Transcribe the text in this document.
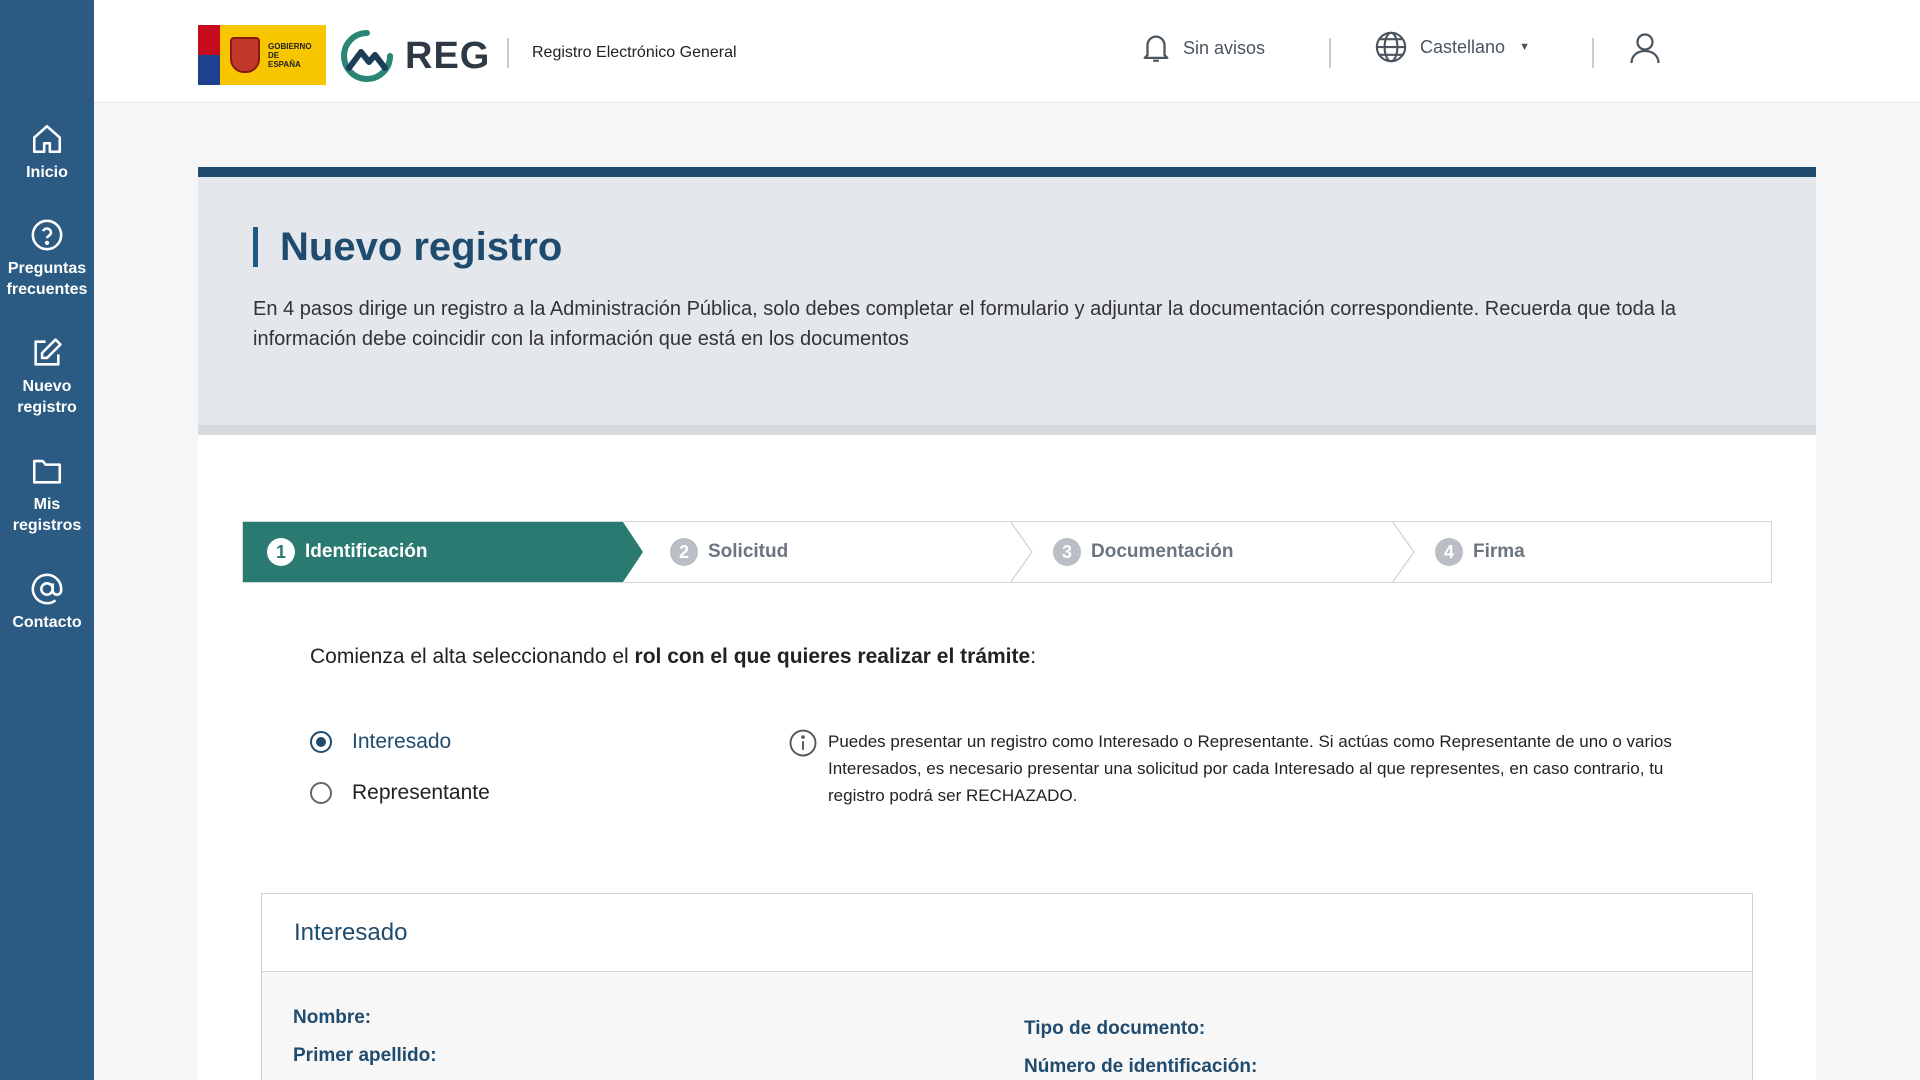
Inicio
Preguntas frecuentes
Nuevo registro
Mis registros
Contacto
GOBIERNO DE ESPAÑA	REG	Registro Electrónico General	Sin avisos	Castellano ▼
Nuevo registro

En 4 pasos dirige un registro a la Administración Pública, solo debes completar el formulario y adjuntar la documentación correspondiente. Recuerda que toda la información debe coincidir con la información que está en los documentos

1	Identificación	2	Solicitud	3	Documentación	4	Firma

Comienza el alta seleccionando el rol con el que quieres realizar el trámite:

Interesado
Representante

Puedes presentar un registro como Interesado o Representante. Si actúas como Representante de uno o varios Interesados, es necesario presentar una solicitud por cada Interesado al que representes, en caso contrario, tu registro podrá ser RECHAZADO.

Interesado
Nombre:
Primer apellido:
Tipo de documento:
Número de identificación:
